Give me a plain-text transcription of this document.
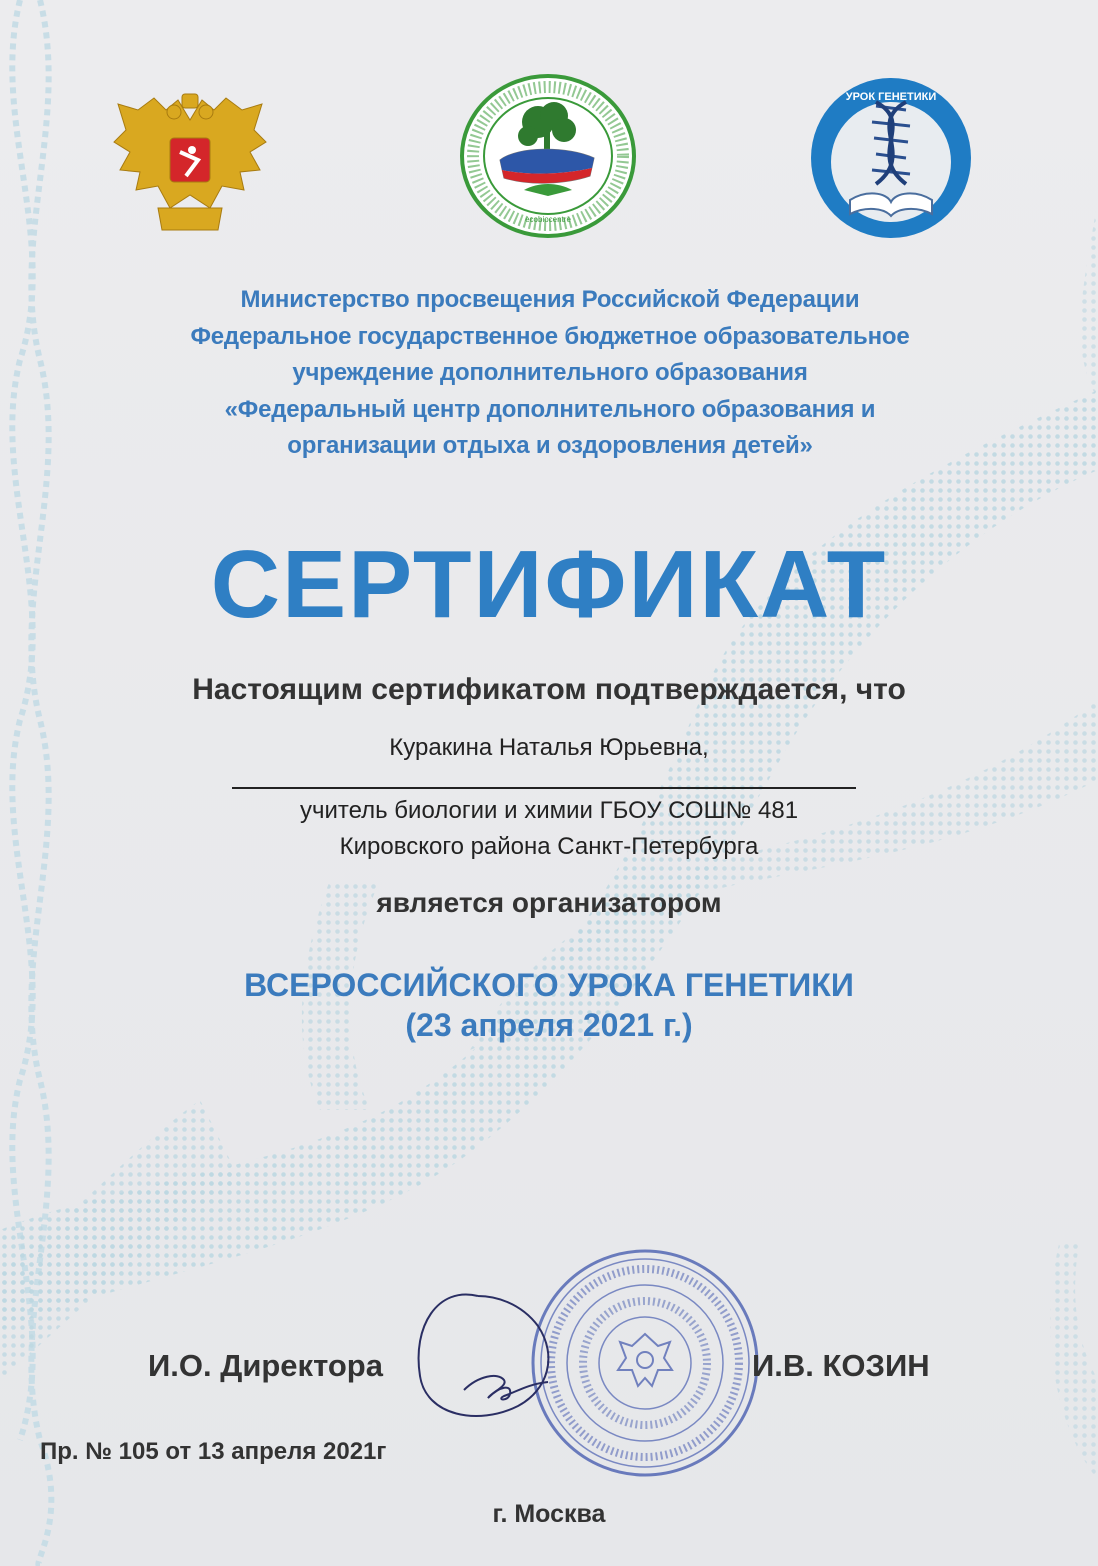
ecobiocentre
УРОК ГЕНЕТИКИ
Министерство просвещения Российской Федерации
Федеральное государственное бюджетное образовательное
учреждение дополнительного образования
«Федеральный центр дополнительного образования и
организации отдыха и оздоровления детей»
СЕРТИФИКАТ
Настоящим сертификатом подтверждается, что
Куракина Наталья Юрьевна,
учитель биологии и химии ГБОУ СОШ№ 481
Кировского района Санкт-Петербурга
является организатором
ВСЕРОССИЙСКОГО УРОКА ГЕНЕТИКИ
(23 апреля 2021 г.)
И.О. Директора	И.В. КОЗИН
Пр. № 105 от 13 апреля 2021г
г. Москва
